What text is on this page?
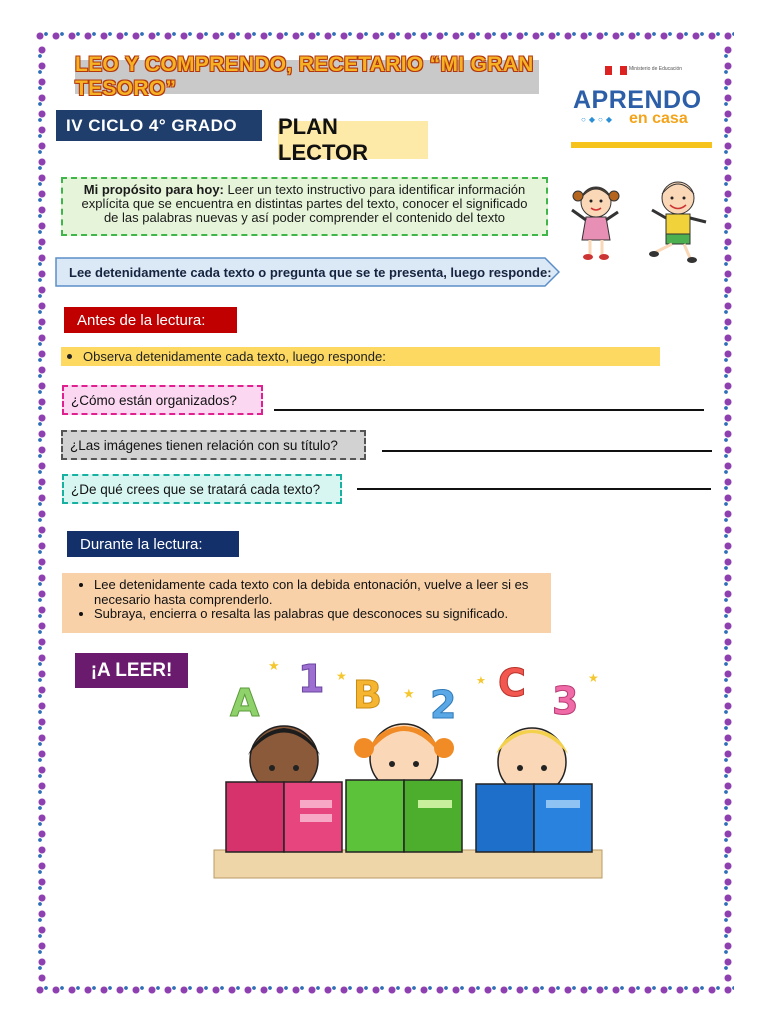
LEO Y COMPRENDO, RECETARIO “MI GRAN TESORO”
IV CICLO 4° GRADO	PLAN LECTOR
Ministerio de Educación
APRENDO
○◆○◆ en casa
Mi propósito para hoy: Leer un texto instructivo para identificar información explícita que se encuentra en distintas partes del texto, conocer el significado de las palabras nuevas y así poder comprender el contenido del texto
Lee detenidamente cada texto o pregunta que se te presenta, luego responde:
Antes de la lectura:
Observa detenidamente cada texto, luego responde:
¿Cómo están organizados?
¿Las imágenes tienen relación con su título?
¿De qué crees que se tratará cada texto?
Durante la lectura:
• Lee detenidamente cada texto con la debida entonación, vuelve a leer si es necesario hasta comprenderlo.
• Subraya, encierra o resalta las palabras que desconoces su significado.
¡A LEER!
A
1 B 2 C 3
★
★
★
★	★
